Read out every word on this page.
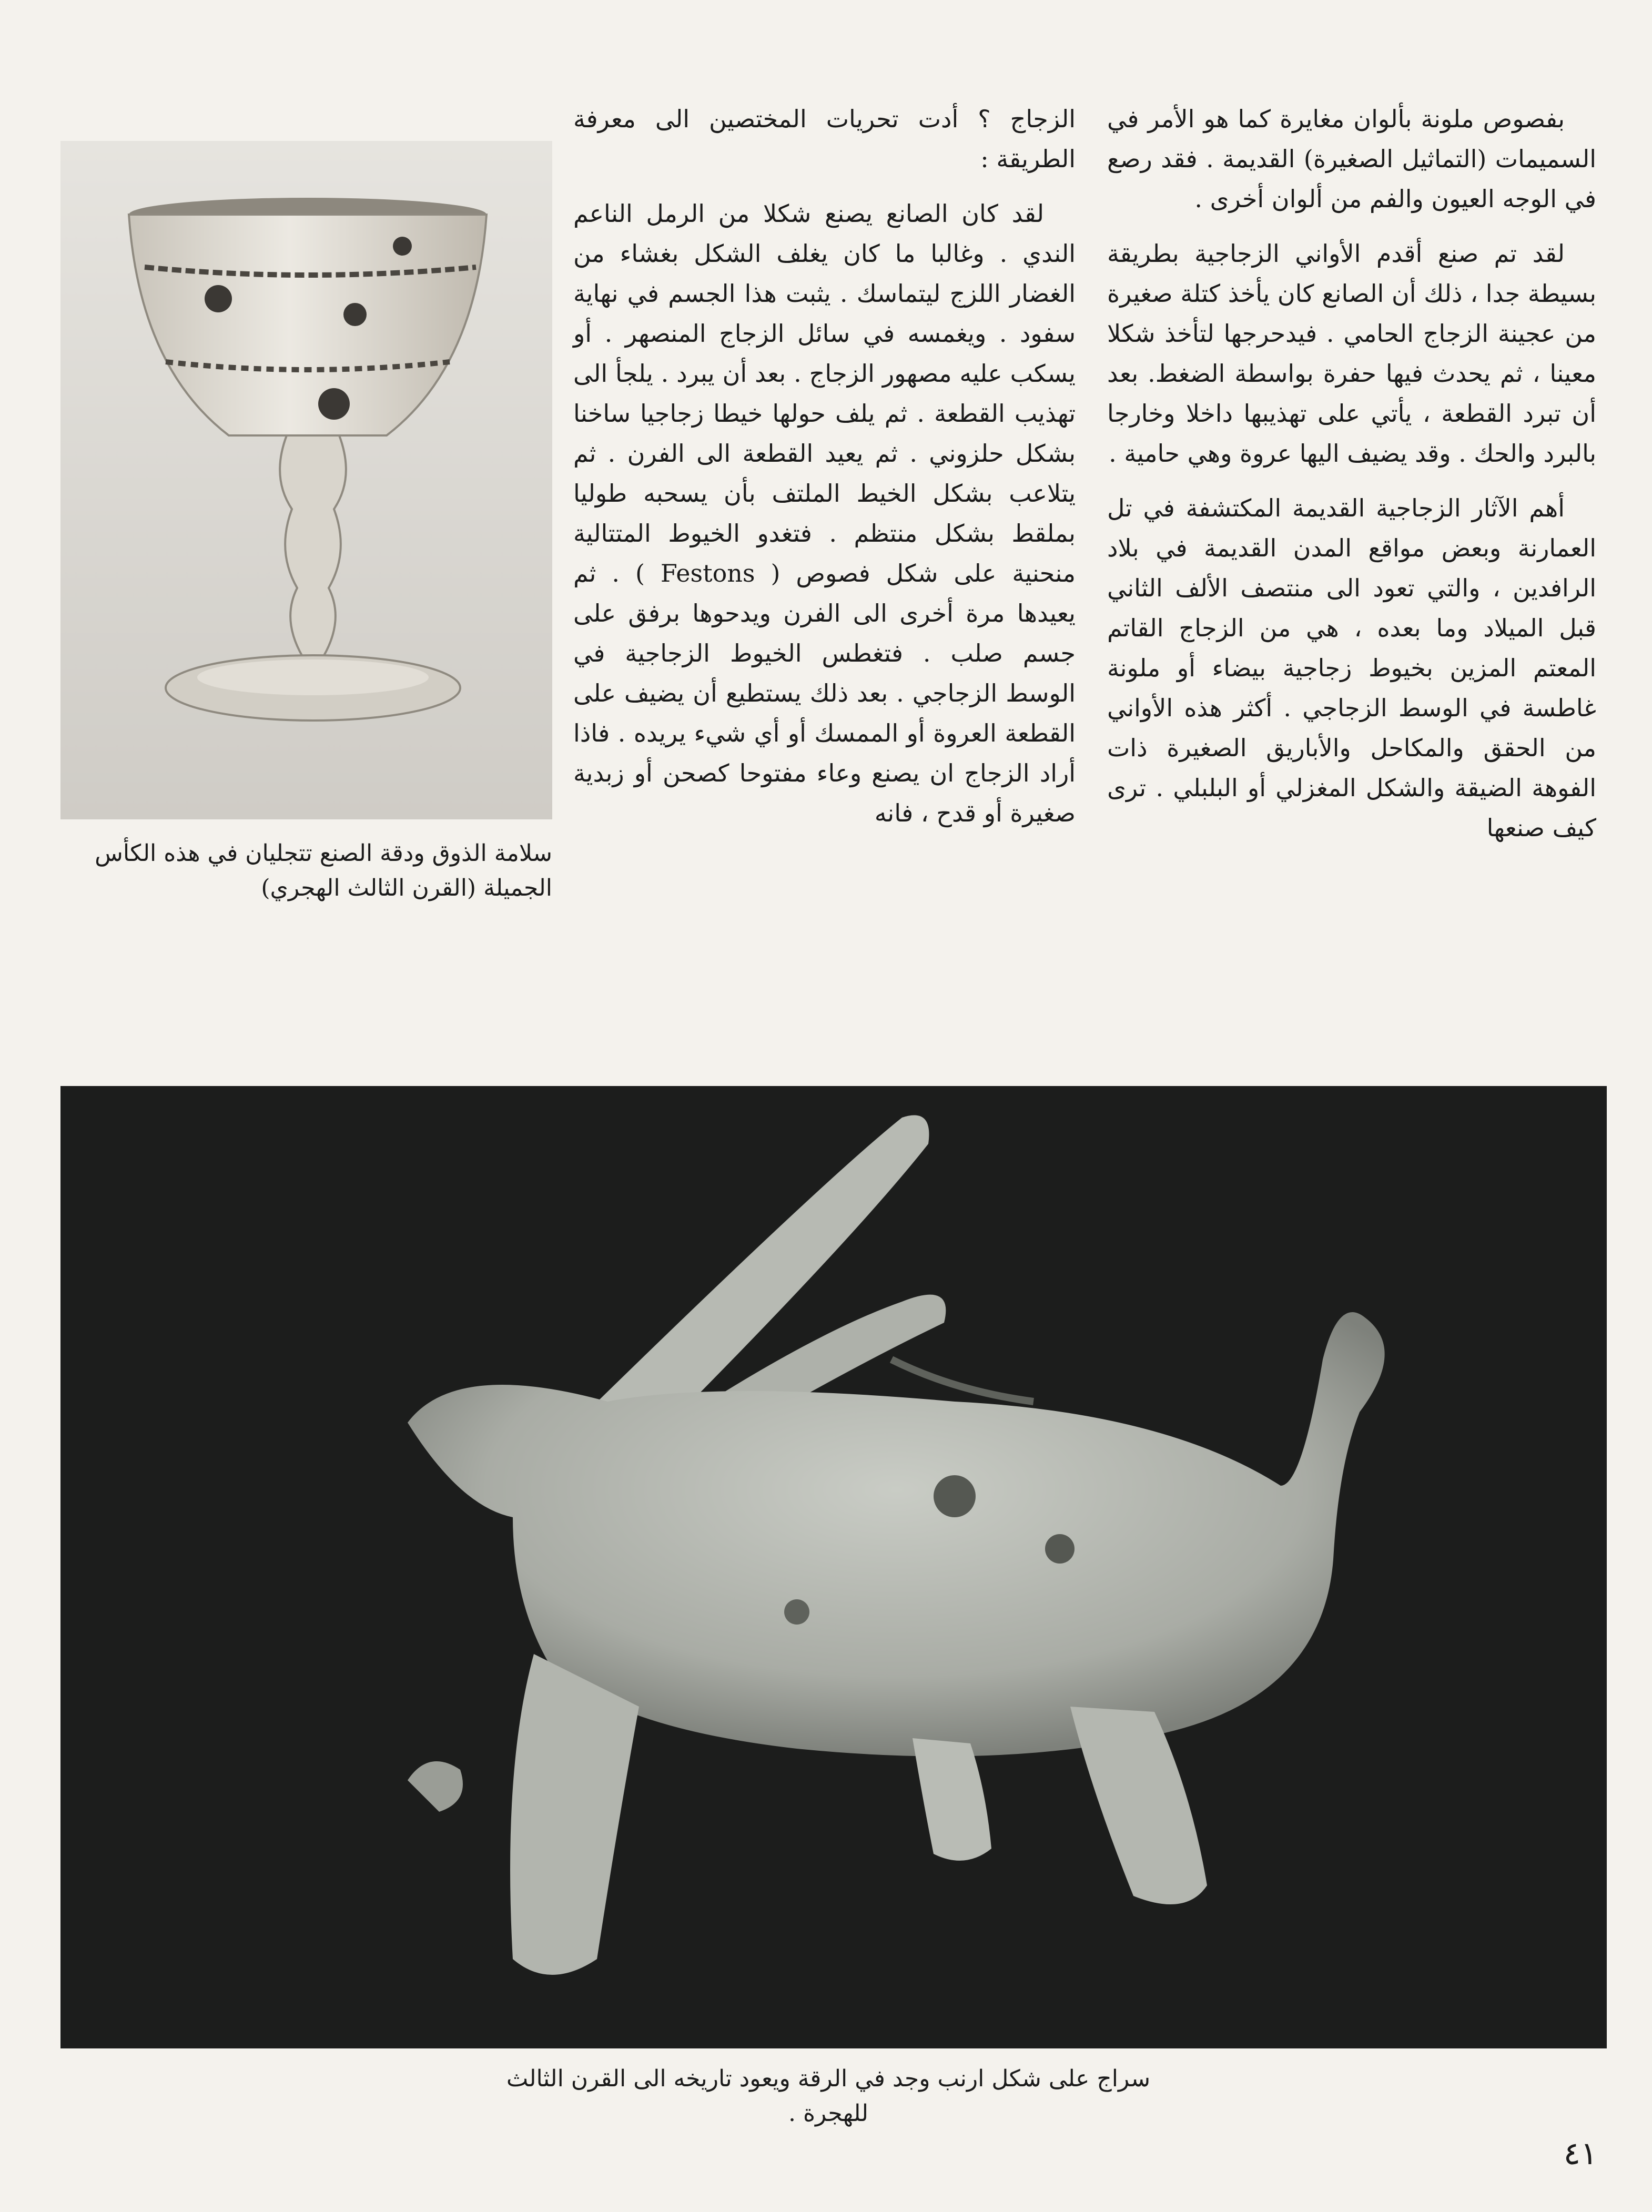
بفصوص ملونة بألوان مغايرة كما هو الأمر في السميمات (التماثيل الصغيرة) القديمة . فقد رصع في الوجه العيون والفم من ألوان أخرى .

لقد تم صنع أقدم الأواني الزجاجية بطريقة بسيطة جدا ، ذلك أن الصانع كان يأخذ كتلة صغيرة من عجينة الزجاج الحامي . فيدحرجها لتأخذ شكلا معينا ، ثم يحدث فيها حفرة بواسطة الضغط. بعد أن تبرد القطعة ، يأتي على تهذيبها داخلا وخارجا بالبرد والحك . وقد يضيف اليها عروة وهي حامية .

أهم الآثار الزجاجية القديمة المكتشفة في تل العمارنة وبعض مواقع المدن القديمة في بلاد الرافدين ، والتي تعود الى منتصف الألف الثاني قبل الميلاد وما بعده ، هي من الزجاج القاتم المعتم المزين بخيوط زجاجية بيضاء أو ملونة غاطسة في الوسط الزجاجي . أكثر هذه الأواني من الحقق والمكاحل والأباريق الصغيرة ذات الفوهة الضيقة والشكل المغزلي أو البلبلي . ترى كيف صنعها

الزجاج ؟ أدت تحريات المختصين الى معرفة الطريقة :

لقد كان الصانع يصنع شكلا من الرمل الناعم الندي . وغالبا ما كان يغلف الشكل بغشاء من الغضار اللزج ليتماسك . يثبت هذا الجسم في نهاية سفود . ويغمسه في سائل الزجاج المنصهر . أو يسكب عليه مصهور الزجاج . بعد أن يبرد . يلجأ الى تهذيب القطعة . ثم يلف حولها خيطا زجاجيا ساخنا بشكل حلزوني . ثم يعيد القطعة الى الفرن . ثم يتلاعب بشكل الخيط الملتف بأن يسحبه طوليا بملقط بشكل منتظم . فتغدو الخيوط المتتالية منحنية على شكل فصوص ( Festons ) . ثم يعيدها مرة أخرى الى الفرن ويدحوها برفق على جسم صلب . فتغطس الخيوط الزجاجية في الوسط الزجاجي . بعد ذلك يستطيع أن يضيف على القطعة العروة أو الممسك أو أي شيء يريده . فاذا أراد الزجاج ان يصنع وعاء مفتوحا كصحن أو زبدية صغيرة أو قدح ، فانه

سلامة الذوق ودقة الصنع تتجليان في هذه الكأس الجميلة (القرن الثالث الهجري)

سراج على شكل ارنب وجد في الرقة ويعود تاريخه الى القرن الثالث للهجرة .

٤١
